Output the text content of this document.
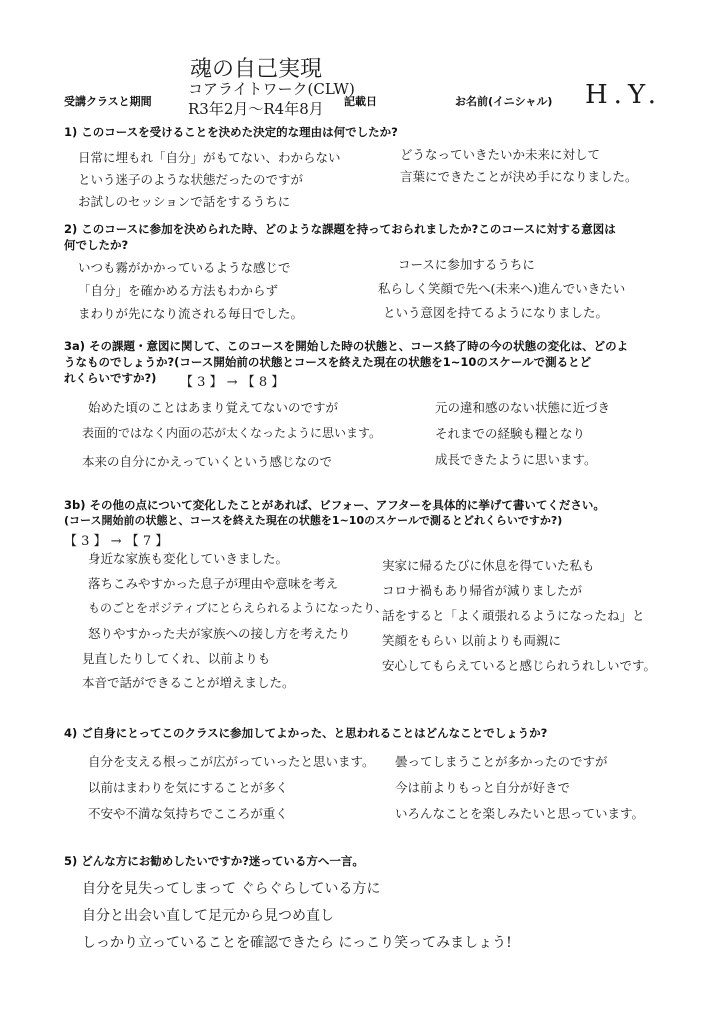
魂の自己実現
受講クラスと期間
コアライトワーク(CLW)
R3年2月～R4年8月 記載日	お名前(イニシャル) H.Y.
1) このコースを受けることを決めた決定的な理由は何でしたか?
日常に埋もれ「自分」がもてない、わからない
という迷子のような状態だったのですが
お試しのセッションで話をするうちに
どうなっていきたいか未来に対して
言葉にできたことが決め手になりました。
2) このコースに参加を決められた時、どのような課題を持っておられましたか?このコースに対する意図は
何でしたか?
いつも霧がかかっているような感じで
「自分」を確かめる方法もわからず
まわりが先になり流される毎日でした。
コースに参加するうちに
私らしく笑顔で先へ(未来へ)進んでいきたい
という意図を持てるようになりました。
3a) その課題・意図に関して、このコースを開始した時の状態と、コース終了時の今の状態の変化は、どのよ
うなものでしょうか?(コース開始前の状態とコースを終えた現在の状態を1~10のスケールで測るとど
れくらいですか?)	【 3 】 → 【 8 】
始めた頃のことはあまり覚えてないのですが
表面的ではなく内面の芯が太くなったように思います。
本来の自分にかえっていくという感じなので
元の違和感のない状態に近づき
それまでの経験も糧となり
成長できたように思います。
3b) その他の点について変化したことがあれば、ビフォー、アフターを具体的に挙げて書いてください。
(コース開始前の状態と、コースを終えた現在の状態を1~10のスケールで測るとどれくらいですか?)
【 3 】 → 【 7 】
身近な家族も変化していきました。
落ちこみやすかった息子が理由や意味を考え
ものごとをポジティブにとらえられるようになったり、
怒りやすかった夫が家族への接し方を考えたり
見直したりしてくれ、以前よりも
本音で話ができることが増えました。
実家に帰るたびに休息を得ていた私も
コロナ禍もあり帰省が減りましたが
話をすると「よく頑張れるようになったね」と
笑顔をもらい 以前よりも両親に
安心してもらえていると感じられうれしいです。
4) ご自身にとってこのクラスに参加してよかった、と思われることはどんなことでしょうか?
自分を支える根っこが広がっていったと思います。
以前はまわりを気にすることが多く
不安や不満な気持ちでこころが重く
曇ってしまうことが多かったのですが
今は前よりもっと自分が好きで
いろんなことを楽しみたいと思っています。
5) どんな方にお勧めしたいですか?迷っている方へ一言。
自分を見失ってしまって ぐらぐらしている方に
自分と出会い直して足元から見つめ直し
しっかり立っていることを確認できたら にっこり笑ってみましょう!
